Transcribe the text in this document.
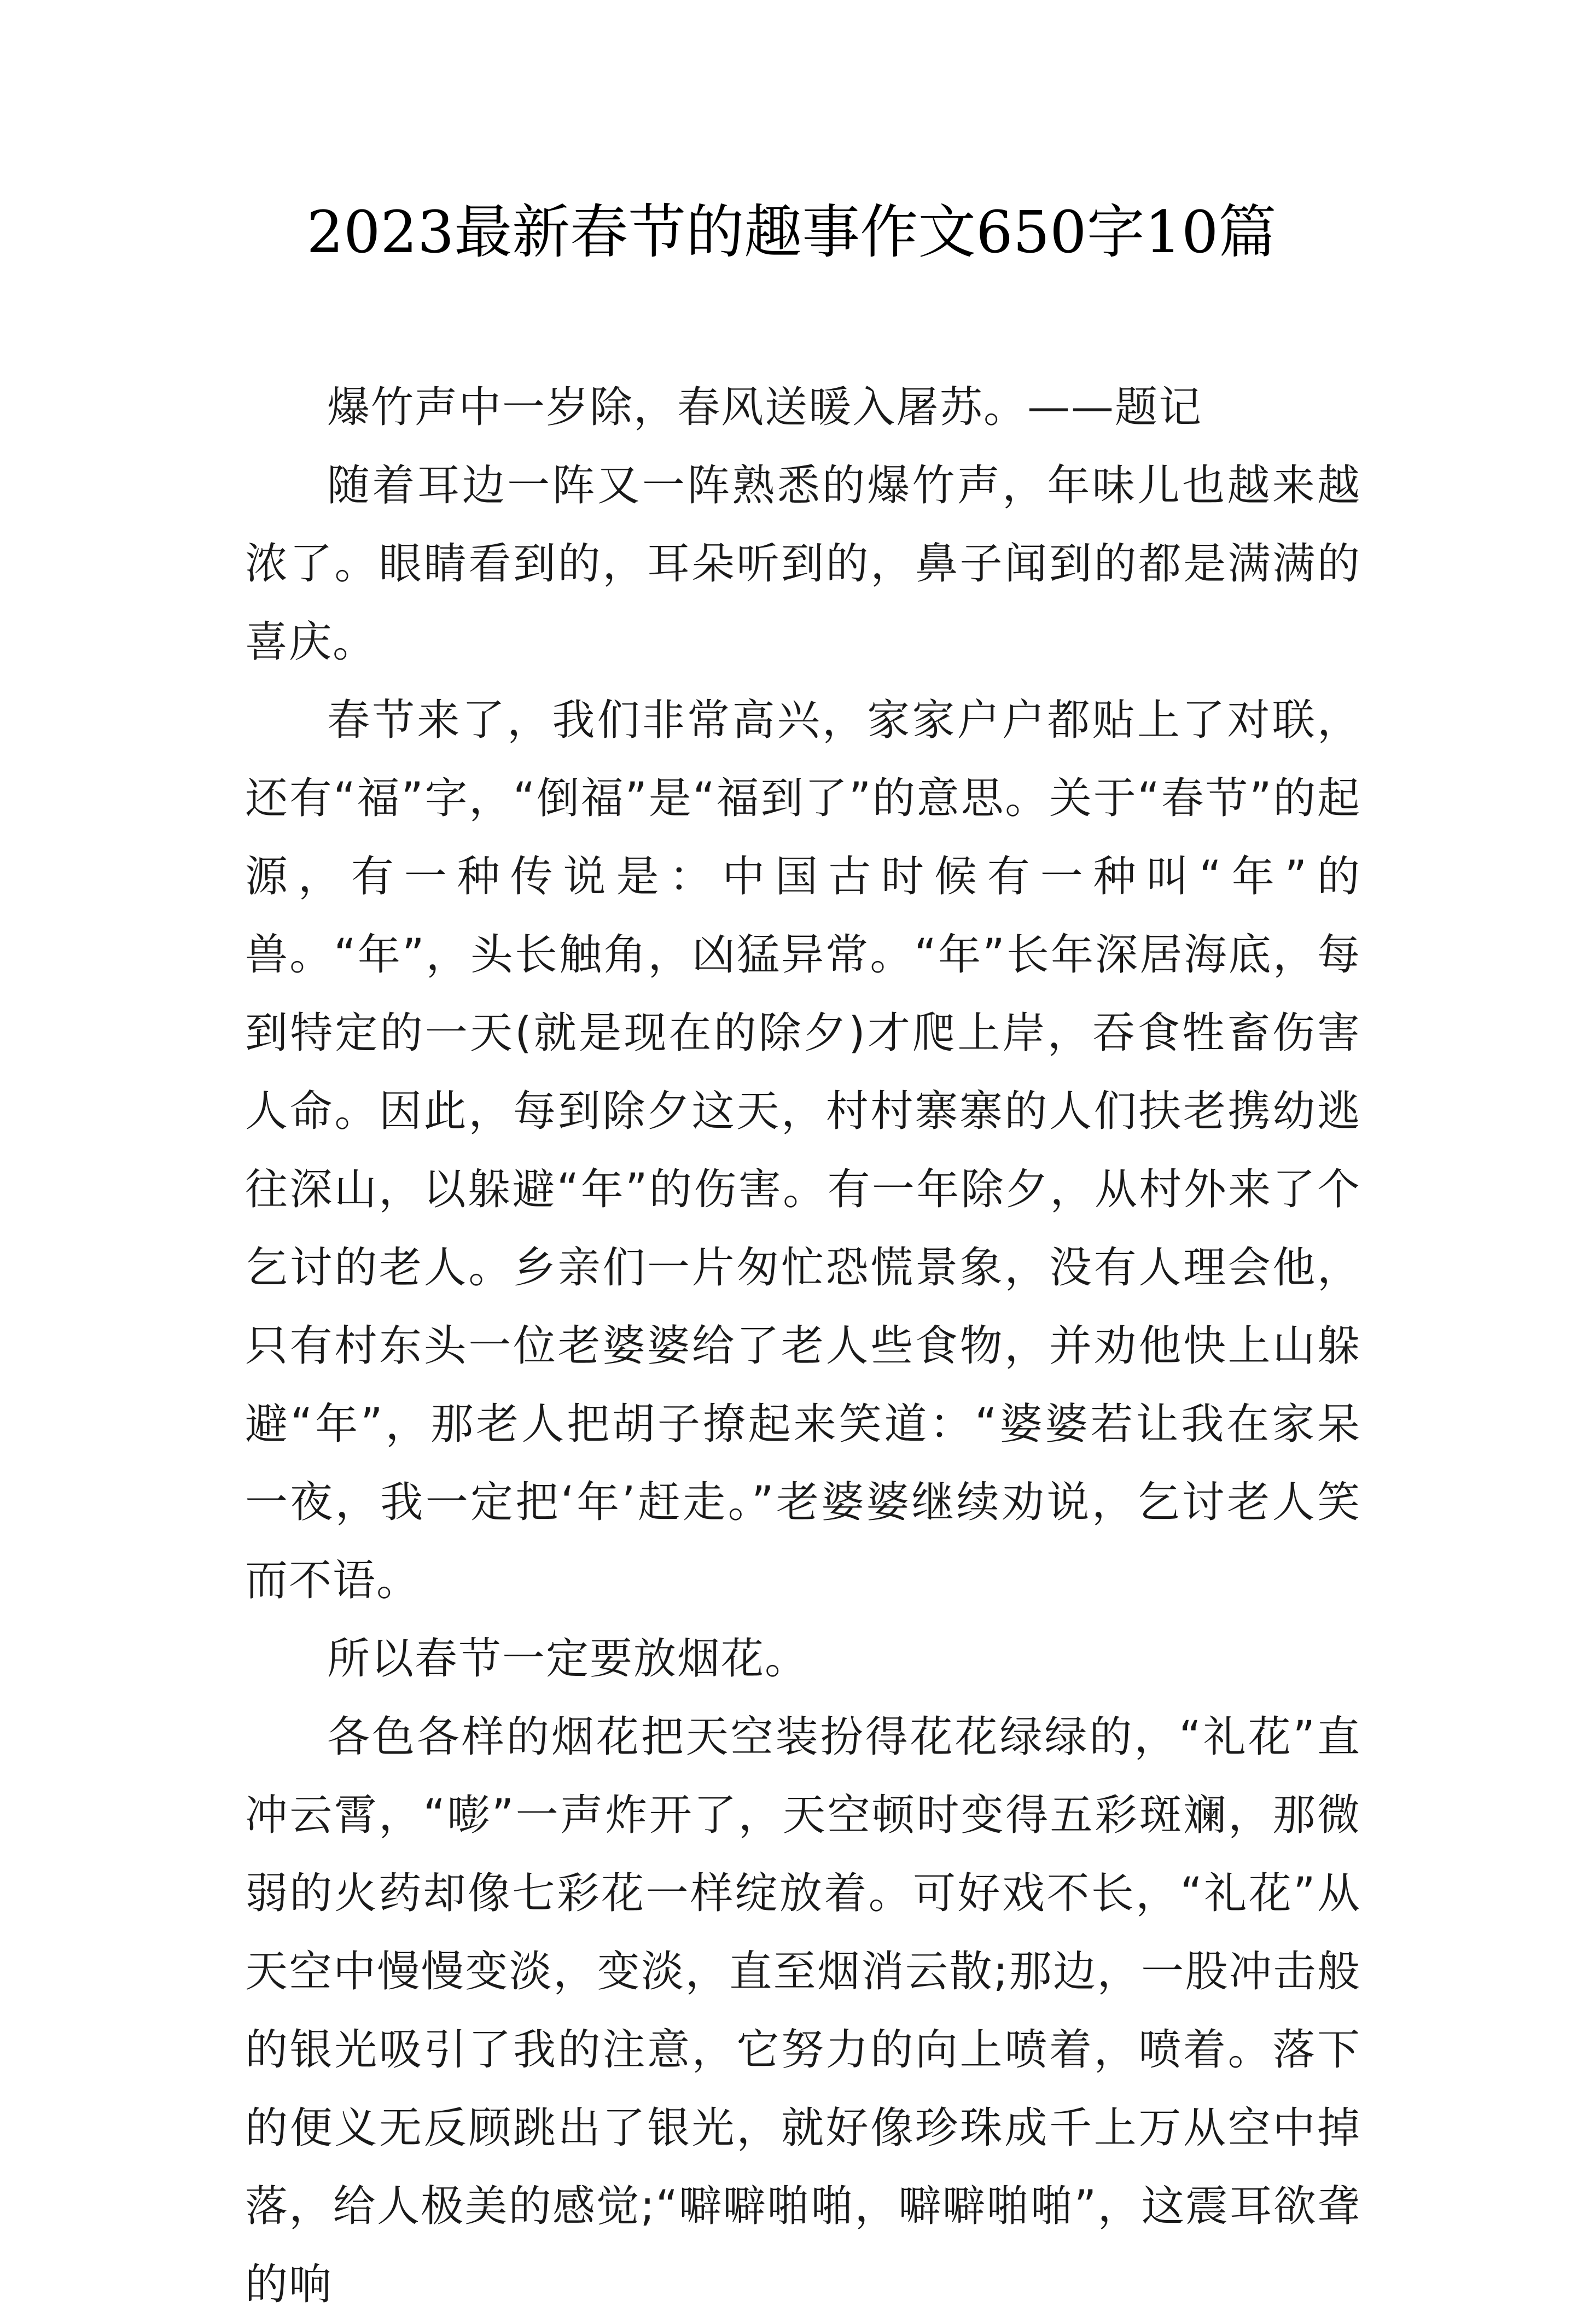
2023最新春节的趣事作文650字10篇

爆竹声中一岁除，春风送暖入屠苏。——题记

随着耳边一阵又一阵熟悉的爆竹声，年味儿也越来越浓了。眼睛看到的，耳朵听到的，鼻子闻到的都是满满的喜庆。

春节来了，我们非常高兴，家家户户都贴上了对联，还有“福”字，“倒福”是“福到了”的意思。关于“春节”的起源，有一种传说是：中国古时候有一种叫“年”的兽。“年”，头长触角，凶猛异常。“年”长年深居海底，每到特定的一天(就是现在的除夕)才爬上岸，吞食牲畜伤害人命。因此，每到除夕这天，村村寨寨的人们扶老携幼逃往深山，以躲避“年”的伤害。有一年除夕，从村外来了个乞讨的老人。乡亲们一片匆忙恐慌景象，没有人理会他，只有村东头一位老婆婆给了老人些食物，并劝他快上山躲避“年”，那老人把胡子撩起来笑道：“婆婆若让我在家呆一夜，我一定把‘年’赶走。”老婆婆继续劝说，乞讨老人笑而不语。

所以春节一定要放烟花。

各色各样的烟花把天空装扮得花花绿绿的，“礼花”直冲云霄，“嘭”一声炸开了，天空顿时变得五彩斑斓，那微弱的火药却像七彩花一样绽放着。可好戏不长，“礼花”从天空中慢慢变淡，变淡，直至烟消云散;那边，一股冲击般的银光吸引了我的注意，它努力的向上喷着，喷着。落下的便义无反顾跳出了银光，就好像珍珠成千上万从空中掉落，给人极美的感觉;“噼噼啪啪，噼噼啪啪”，这震耳欲聋的响
